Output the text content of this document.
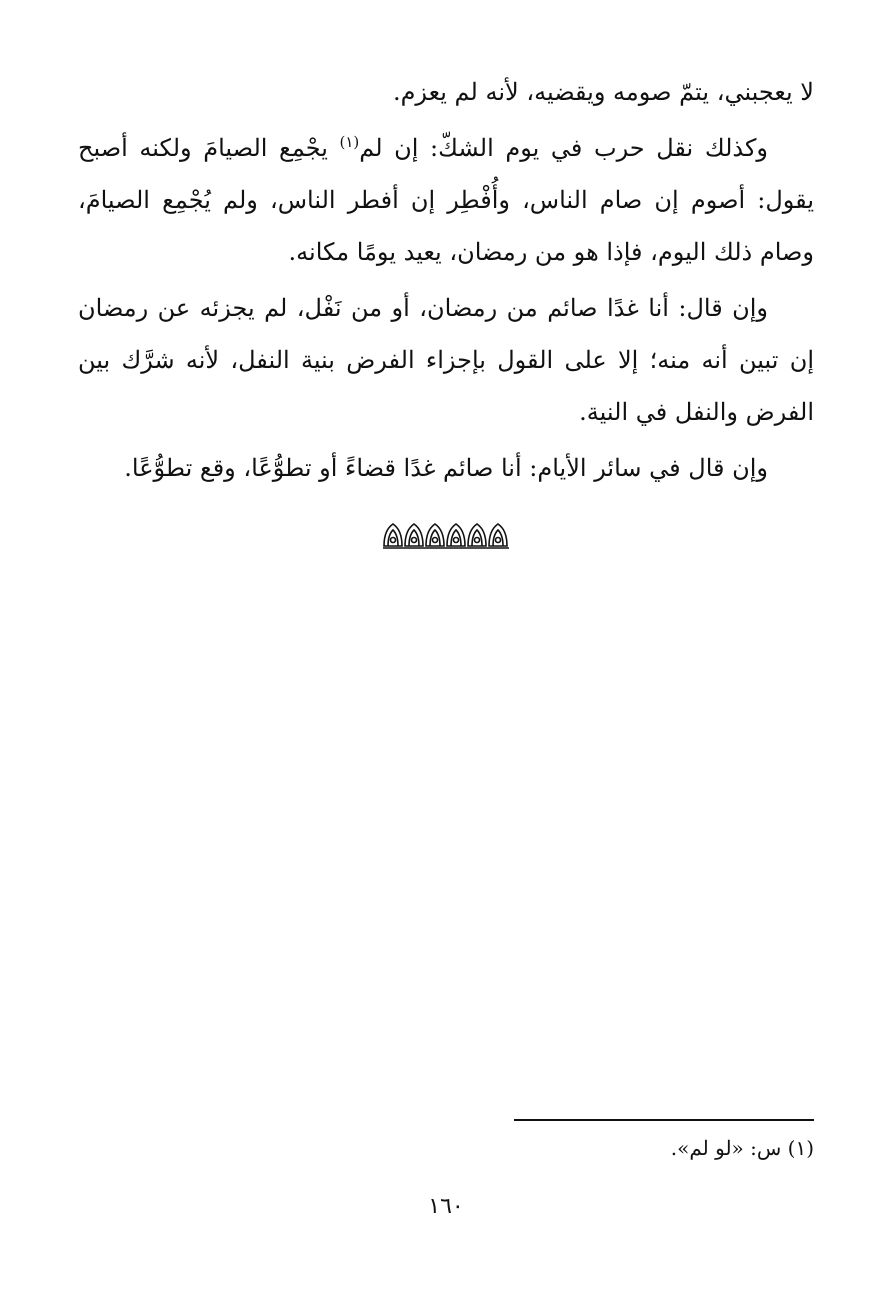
لا يعجبني، يتمّ صومه ويقضيه، لأنه لم يعزم.

وكذلك نقل حرب في يوم الشكّ: إن لم$^{(١)}$ يجْمِع الصيامَ ولكنه أصبح يقول: أصوم إن صام الناس، وأُفْطِر إن أفطر الناس، ولم يُجْمِع الصيامَ، وصام ذلك اليوم، فإذا هو من رمضان، يعيد يومًا مكانه.

وإن قال: أنا غدًا صائم من رمضان، أو من نَفْل، لم يجزئه عن رمضان إن تبين أنه منه؛ إلا على القول بإجزاء الفرض بنية النفل، لأنه شرَّك بين الفرض والنفل في النية.

وإن قال في سائر الأيام: أنا صائم غدًا قضاءً أو تطوُّعًا، وقع تطوُّعًا.

(١) س: «لو لم».
١٦٠
